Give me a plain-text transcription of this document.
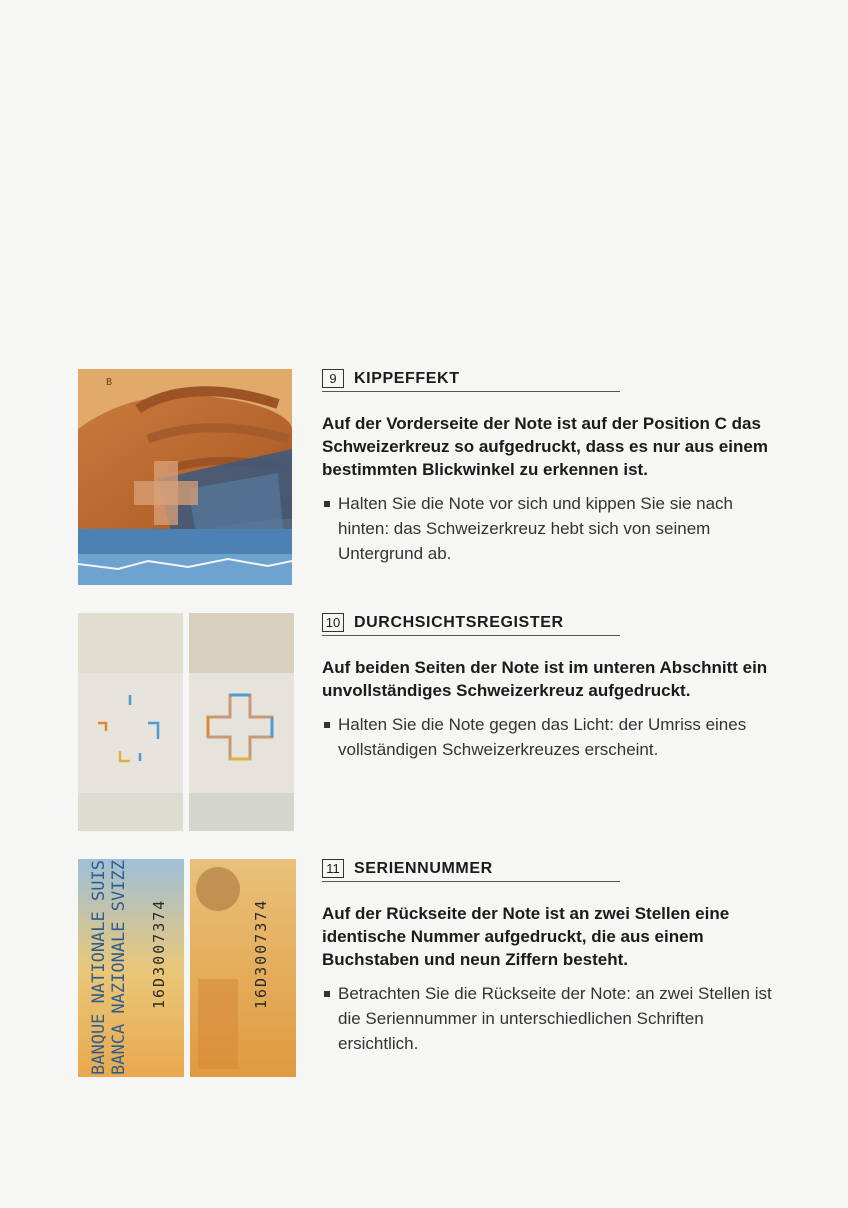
B	9	KIPPEFFEKT
Auf der Vorderseite der Note ist auf der Position C das Schweizerkreuz so aufgedruckt, dass es nur aus einem bestimmten Blickwinkel zu erkennen ist.
Halten Sie die Note vor sich und kippen Sie sie nach hinten: das Schweizerkreuz hebt sich von seinem Untergrund ab.
10 DURCHSICHTSREGISTER
Auf beiden Seiten der Note ist im unteren Abschnitt ein unvollständiges Schweizerkreuz aufgedruckt.
Halten Sie die Note gegen das Licht: der Umriss eines vollständigen Schweizerkreuzes erscheint.
BANQUE NATIONALE SUIS BANCA NAZIONALE SVIZZ 16D3007374	16D3007374
11 SERIENNUMMER
Auf der Rückseite der Note ist an zwei Stellen eine identische Nummer aufgedruckt, die aus einem Buchstaben und neun Ziffern besteht.
Betrachten Sie die Rückseite der Note: an zwei Stellen ist die Seriennummer in unterschiedlichen Schriften ersichtlich.
